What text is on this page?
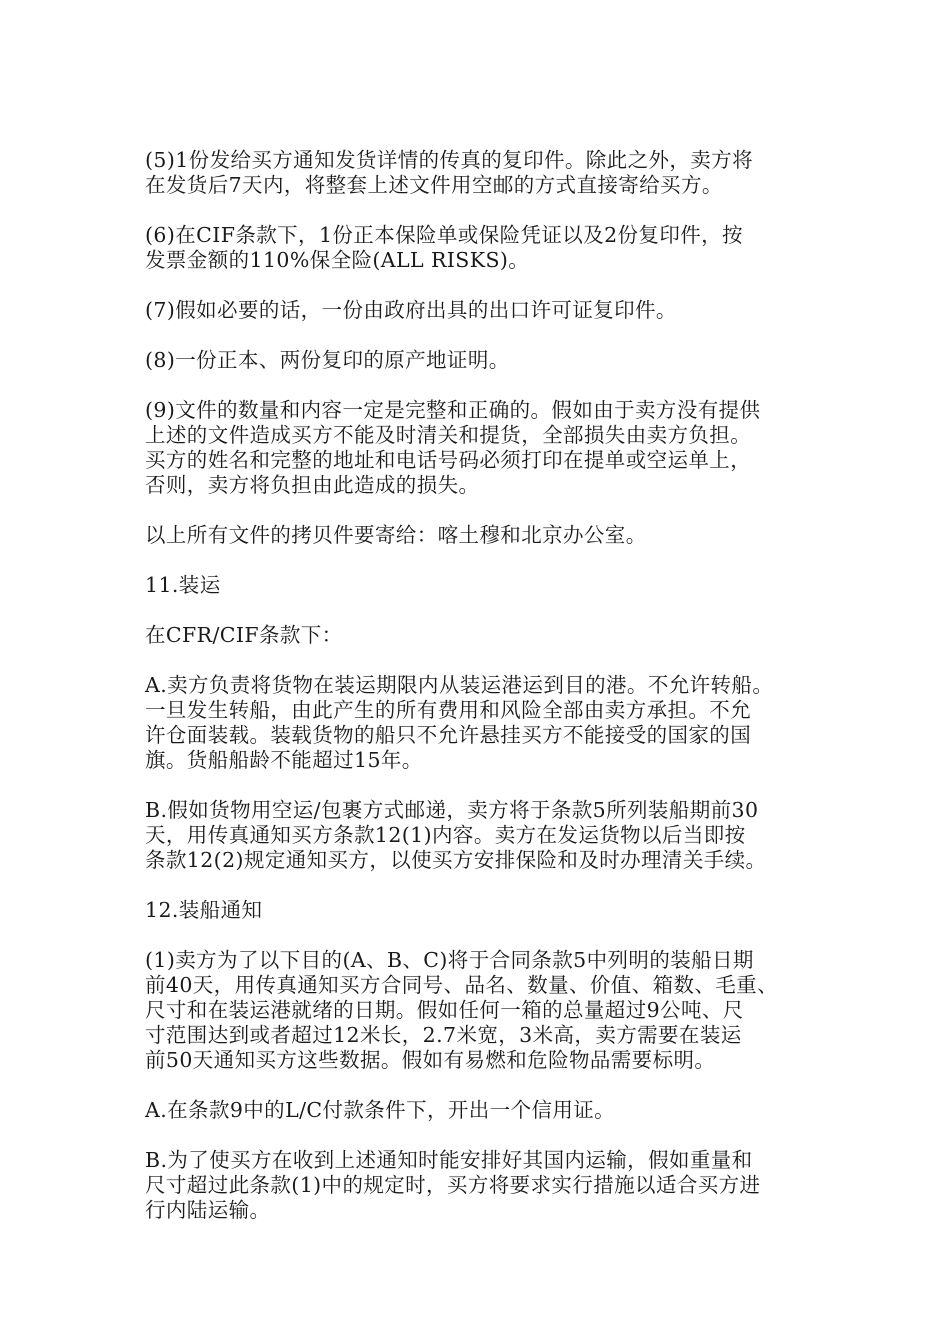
(5)1份发给买方通知发货详情的传真的复印件。除此之外，卖方将
在发货后7天内，将整套上述文件用空邮的方式直接寄给买方。

(6)在CIF条款下，1份正本保险单或保险凭证以及2份复印件，按
发票金额的110%保全险(ALL RISKS)。

(7)假如必要的话，一份由政府出具的出口许可证复印件。

(8)一份正本、两份复印的原产地证明。

(9)文件的数量和内容一定是完整和正确的。假如由于卖方没有提供
上述的文件造成买方不能及时清关和提货，全部损失由卖方负担。
买方的姓名和完整的地址和电话号码必须打印在提单或空运单上，
否则，卖方将负担由此造成的损失。

以上所有文件的拷贝件要寄给：喀土穆和北京办公室。

11.装运

在CFR/CIF条款下：

A.卖方负责将货物在装运期限内从装运港运到目的港。不允许转船。
一旦发生转船，由此产生的所有费用和风险全部由卖方承担。不允
许仓面装载。装载货物的船只不允许悬挂买方不能接受的国家的国
旗。货船船龄不能超过15年。

B.假如货物用空运/包裹方式邮递，卖方将于条款5所列装船期前30
天，用传真通知买方条款12(1)内容。卖方在发运货物以后当即按
条款12(2)规定通知买方，以使买方安排保险和及时办理清关手续。

12.装船通知

(1)卖方为了以下目的(A、B、C)将于合同条款5中列明的装船日期
前40天，用传真通知买方合同号、品名、数量、价值、箱数、毛重、
尺寸和在装运港就绪的日期。假如任何一箱的总量超过9公吨、尺
寸范围达到或者超过12米长，2.7米宽，3米高，卖方需要在装运
前50天通知买方这些数据。假如有易燃和危险物品需要标明。

A.在条款9中的L/C付款条件下，开出一个信用证。

B.为了使买方在收到上述通知时能安排好其国内运输，假如重量和
尺寸超过此条款(1)中的规定时，买方将要求实行措施以适合买方进
行内陆运输。
